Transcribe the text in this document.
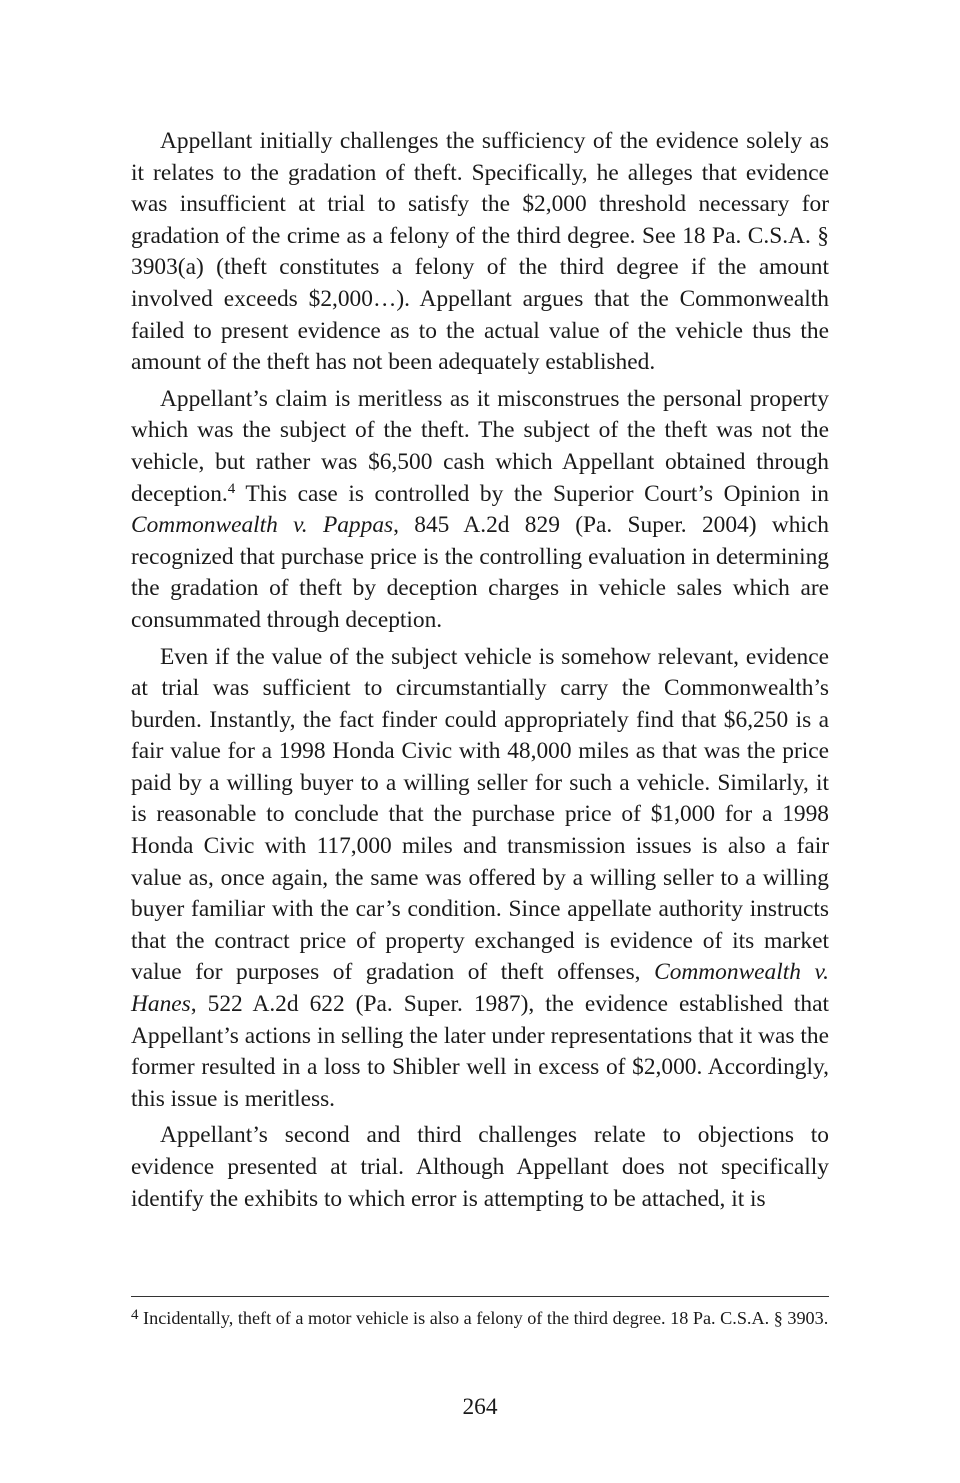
Appellant initially challenges the sufficiency of the evidence solely as it relates to the gradation of theft. Specifically, he alleges that evidence was insufficient at trial to satisfy the $2,000 threshold necessary for gradation of the crime as a felony of the third degree. See 18 Pa. C.S.A. § 3903(a) (theft constitutes a felony of the third degree if the amount involved exceeds $2,000…). Appellant argues that the Commonwealth failed to present evidence as to the actual value of the vehicle thus the amount of the theft has not been adequately established.

Appellant’s claim is meritless as it misconstrues the personal property which was the subject of the theft. The subject of the theft was not the vehicle, but rather was $6,500 cash which Appellant obtained through deception.$^4$ This case is controlled by the Superior Court’s Opinion in Commonwealth v. Pappas, 845 A.2d 829 (Pa. Super. 2004) which recognized that purchase price is the controlling evaluation in determining the gradation of theft by deception charges in vehicle sales which are consummated through deception.

Even if the value of the subject vehicle is somehow relevant, evidence at trial was sufficient to circumstantially carry the Commonwealth’s burden. Instantly, the fact finder could appropriately find that $6,250 is a fair value for a 1998 Honda Civic with 48,000 miles as that was the price paid by a willing buyer to a willing seller for such a vehicle. Similarly, it is reasonable to conclude that the purchase price of $1,000 for a 1998 Honda Civic with 117,000 miles and transmission issues is also a fair value as, once again, the same was offered by a willing seller to a willing buyer familiar with the car’s condition. Since appellate authority instructs that the contract price of property exchanged is evidence of its market value for purposes of gradation of theft offenses, Commonwealth v. Hanes, 522 A.2d 622 (Pa. Super. 1987), the evidence established that Appellant’s actions in selling the later under representations that it was the former resulted in a loss to Shibler well in excess of $2,000. Accordingly, this issue is meritless.

Appellant’s second and third challenges relate to objections to evidence presented at trial. Although Appellant does not specifically identify the exhibits to which error is attempting to be attached, it is

$^4$ Incidentally, theft of a motor vehicle is also a felony of the third degree. 18 Pa. C.S.A. § 3903.
264
